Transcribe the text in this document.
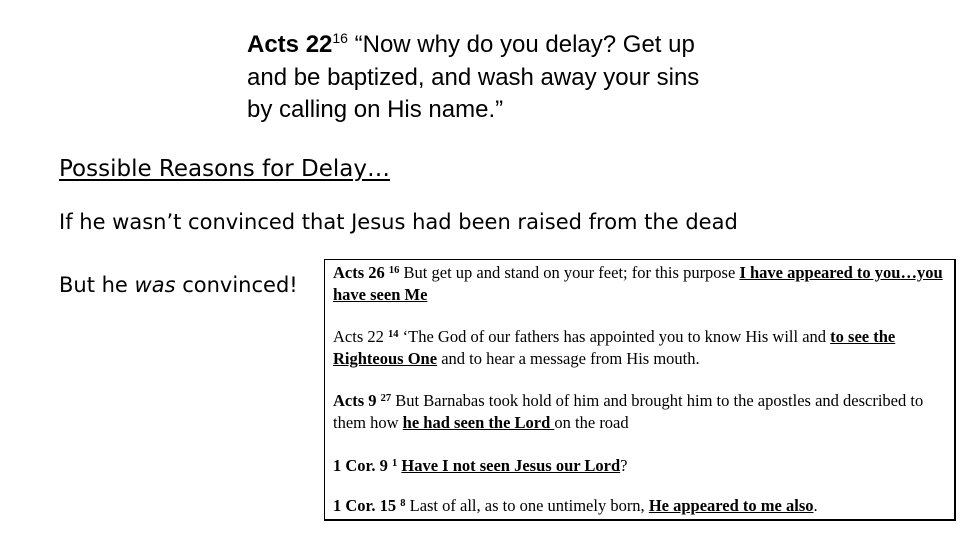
Acts $22^{16}$ “Now why do you delay? Get up and be baptized, and wash away your sins by calling on His name.”
Possible Reasons for Delay…
If he wasn’t convinced that Jesus had been raised from the dead
But he was convinced!
Acts 26 $^{16}$ But get up and stand on your feet; for this purpose I have appeared to you…you have seen Me
Acts 22 $^{14}$ ‘The God of our fathers has appointed you to know His will and to see the Righteous One and to hear a message from His mouth.
Acts 9 $^{27}$ But Barnabas took hold of him and brought him to the apostles and described to them how he had seen the Lord on the road
1 Cor. 9 $^1$ Have I not seen Jesus our Lord?
1 Cor. 15 $^8$ Last of all, as to one untimely born, He appeared to me also.
